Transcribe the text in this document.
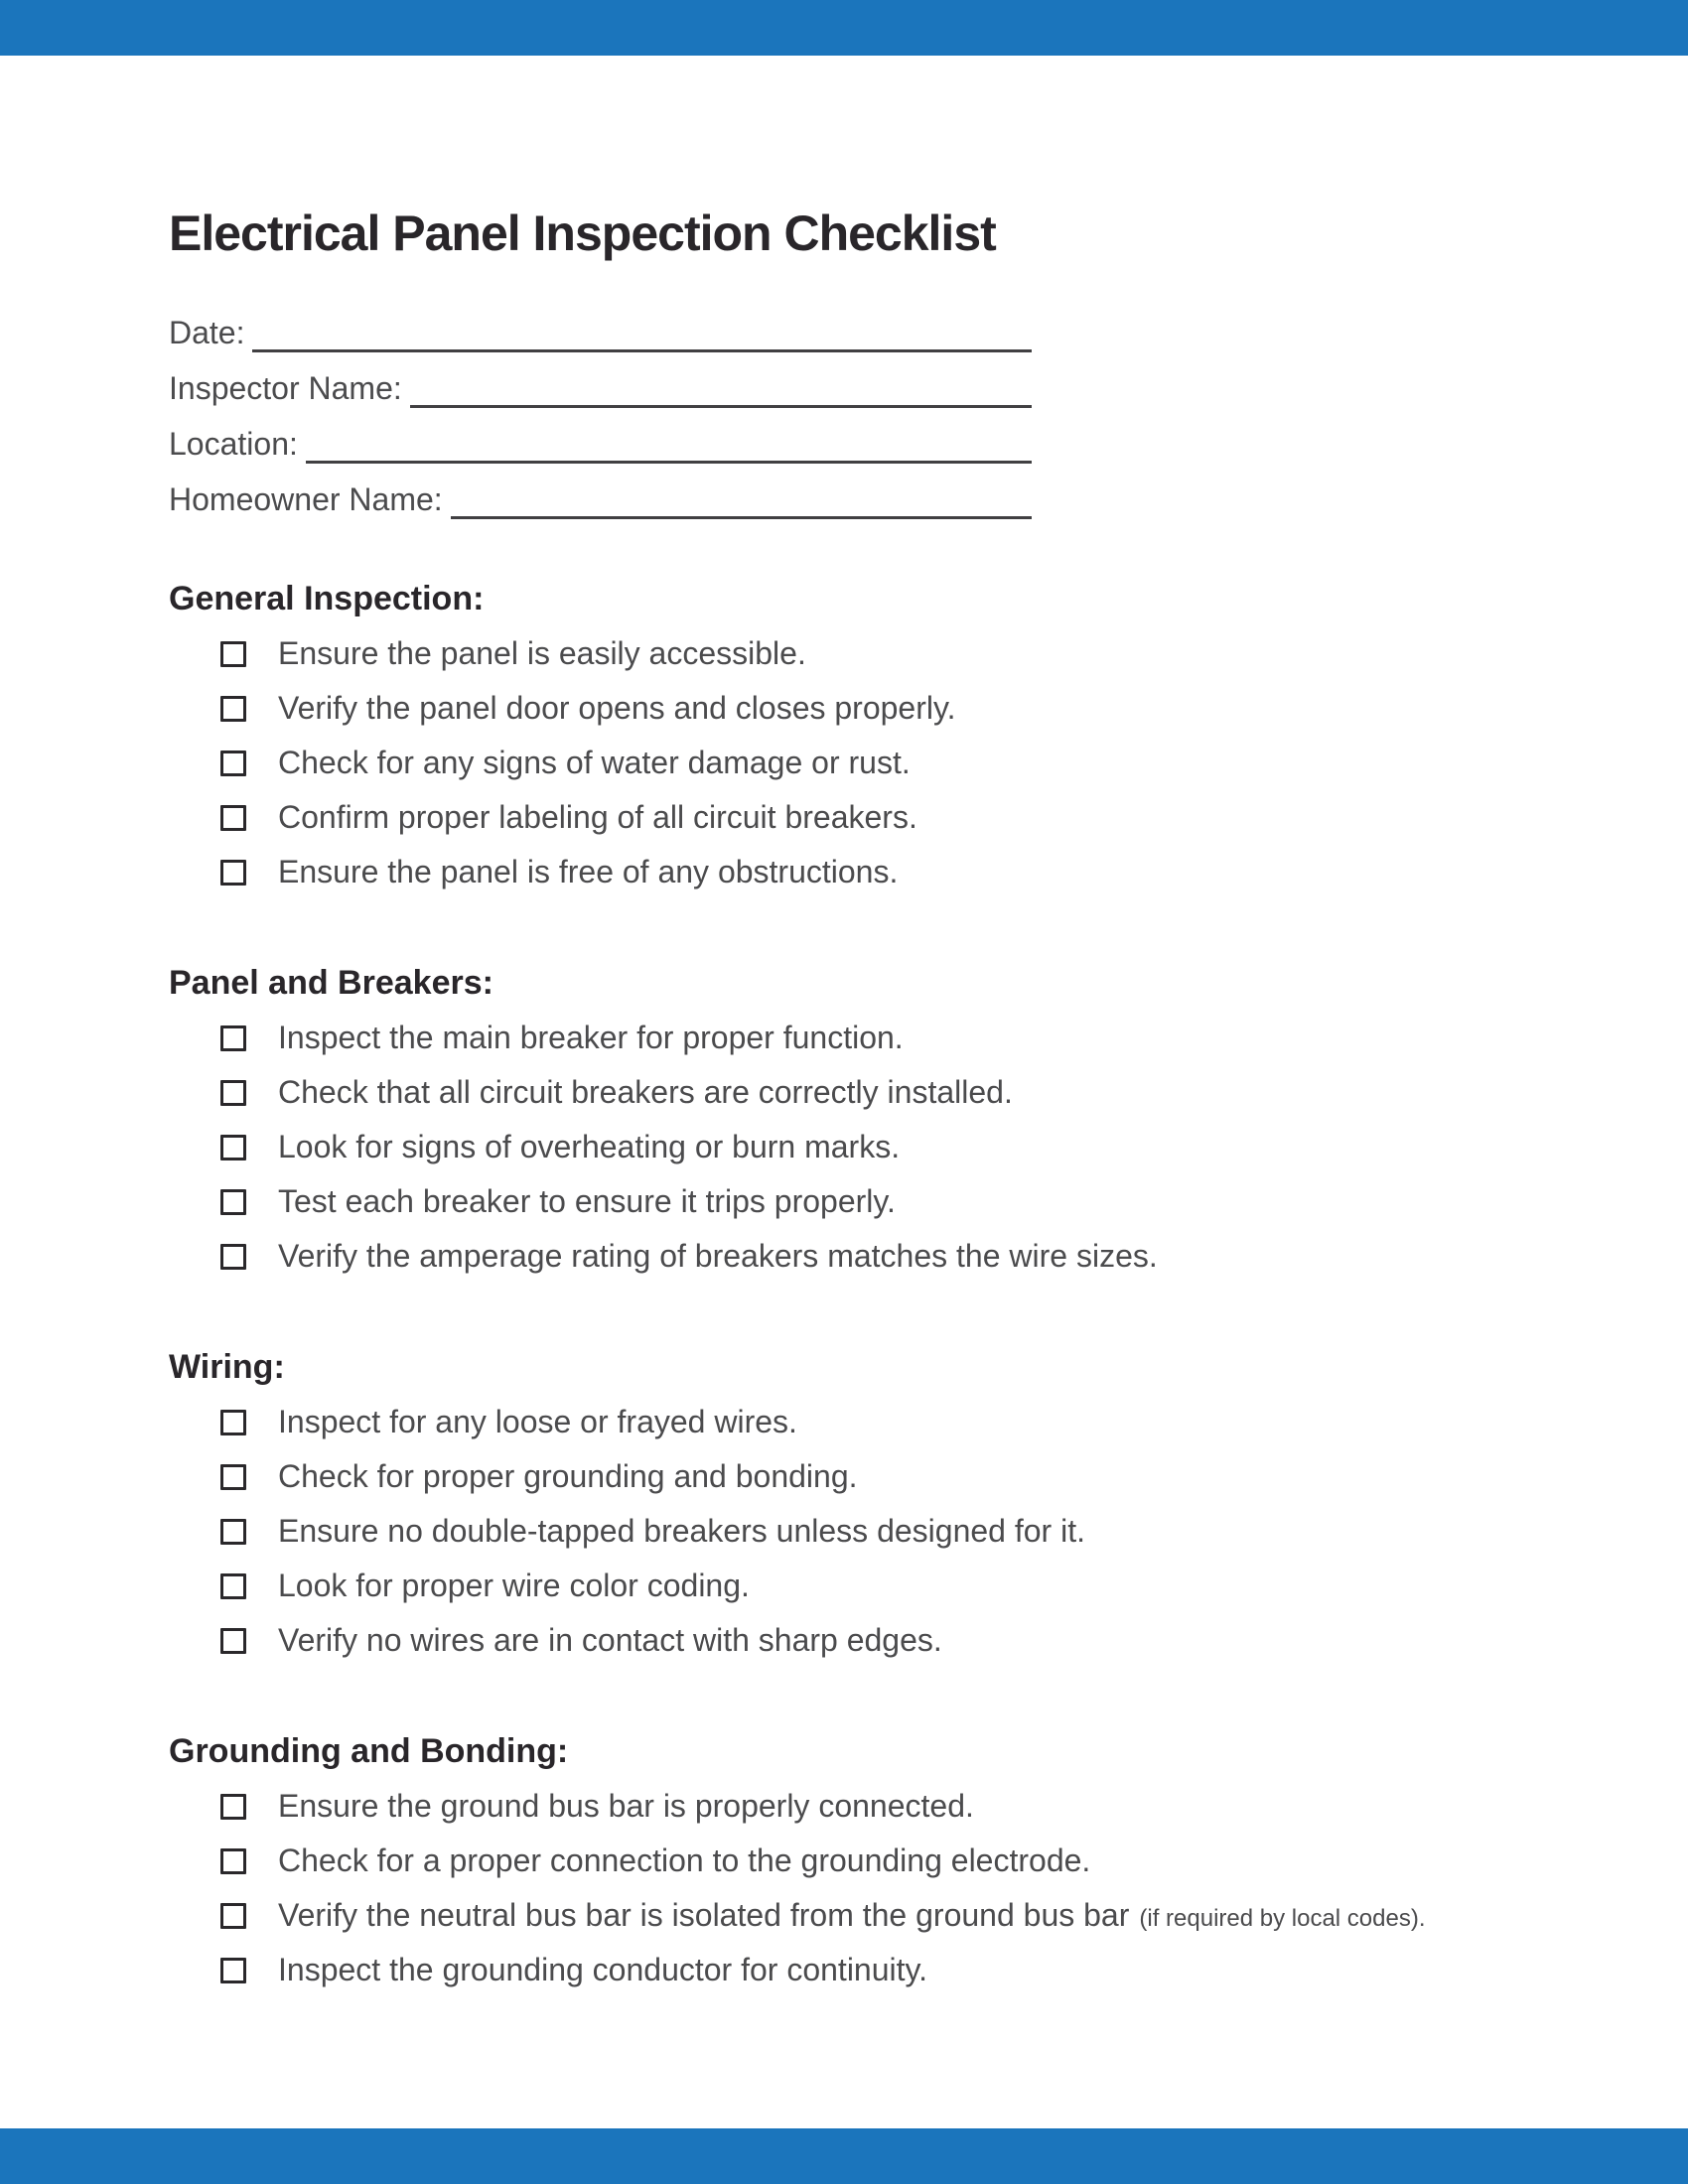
Electrical Panel Inspection Checklist
Date:
Inspector Name:
Location:
Homeowner Name:
General Inspection:
Ensure the panel is easily accessible.
Verify the panel door opens and closes properly.
Check for any signs of water damage or rust.
Confirm proper labeling of all circuit breakers.
Ensure the panel is free of any obstructions.
Panel and Breakers:
Inspect the main breaker for proper function.
Check that all circuit breakers are correctly installed.
Look for signs of overheating or burn marks.
Test each breaker to ensure it trips properly.
Verify the amperage rating of breakers matches the wire sizes.
Wiring:
Inspect for any loose or frayed wires.
Check for proper grounding and bonding.
Ensure no double-tapped breakers unless designed for it.
Look for proper wire color coding.
Verify no wires are in contact with sharp edges.
Grounding and Bonding:
Ensure the ground bus bar is properly connected.
Check for a proper connection to the grounding electrode.
Verify the neutral bus bar is isolated from the ground bus bar (if required by local codes).
Inspect the grounding conductor for continuity.
